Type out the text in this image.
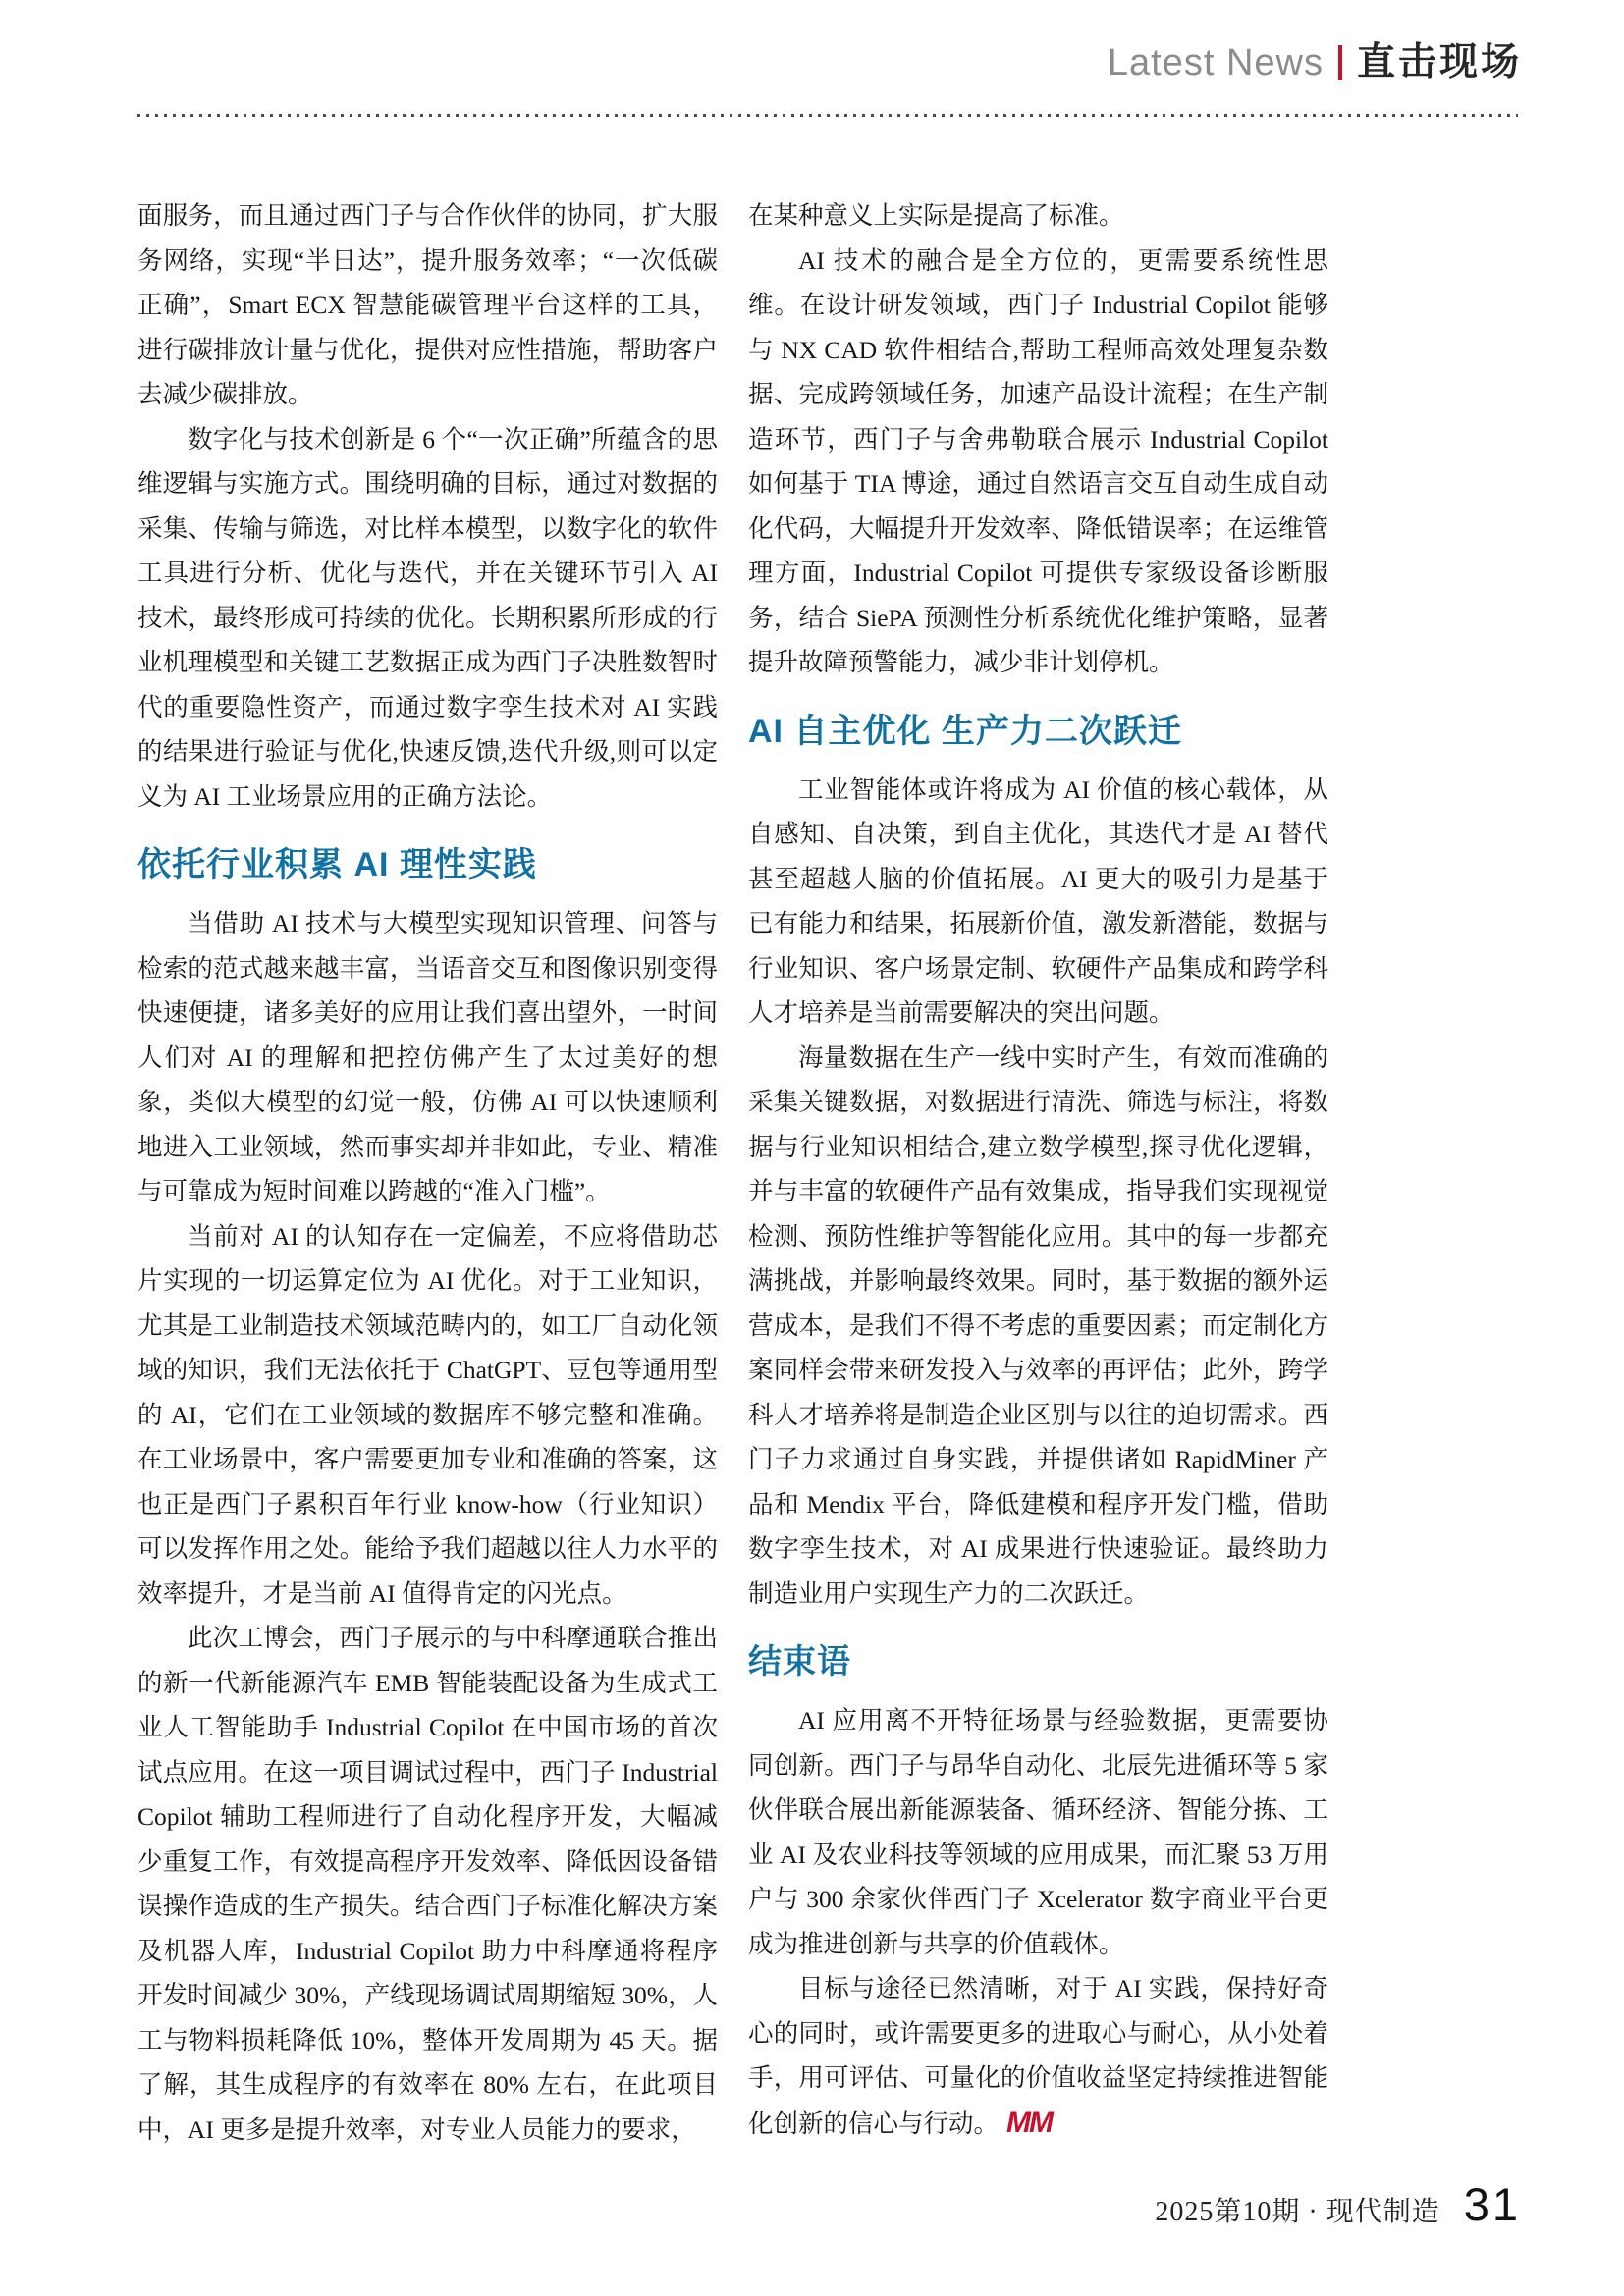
Latest News 直击现场

面服务，而且通过西门子与合作伙伴的协同，扩大服务网络，实现“半日达”，提升服务效率；“一次低碳正确”，Smart ECX 智慧能碳管理平台这样的工具，进行碳排放计量与优化，提供对应性措施，帮助客户去减少碳排放。

数字化与技术创新是 6 个“一次正确”所蕴含的思维逻辑与实施方式。围绕明确的目标，通过对数据的采集、传输与筛选，对比样本模型，以数字化的软件工具进行分析、优化与迭代，并在关键环节引入 AI 技术，最终形成可持续的优化。长期积累所形成的行业机理模型和关键工艺数据正成为西门子决胜数智时代的重要隐性资产，而通过数字孪生技术对 AI 实践的结果进行验证与优化,快速反馈,迭代升级,则可以定义为 AI 工业场景应用的正确方法论。

依托行业积累 AI 理性实践

当借助 AI 技术与大模型实现知识管理、问答与检索的范式越来越丰富，当语音交互和图像识别变得快速便捷，诸多美好的应用让我们喜出望外，一时间人们对 AI 的理解和把控仿佛产生了太过美好的想象，类似大模型的幻觉一般，仿佛 AI 可以快速顺利地进入工业领域，然而事实却并非如此，专业、精准与可靠成为短时间难以跨越的“准入门槛”。

当前对 AI 的认知存在一定偏差，不应将借助芯片实现的一切运算定位为 AI 优化。对于工业知识，尤其是工业制造技术领域范畴内的，如工厂自动化领域的知识，我们无法依托于 ChatGPT、豆包等通用型的 AI，它们在工业领域的数据库不够完整和准确。在工业场景中，客户需要更加专业和准确的答案，这也正是西门子累积百年行业 know-how（行业知识）可以发挥作用之处。能给予我们超越以往人力水平的效率提升，才是当前 AI 值得肯定的闪光点。

此次工博会，西门子展示的与中科摩通联合推出的新一代新能源汽车 EMB 智能装配设备为生成式工业人工智能助手 Industrial Copilot 在中国市场的首次试点应用。在这一项目调试过程中，西门子 Industrial Copilot 辅助工程师进行了自动化程序开发，大幅减少重复工作，有效提高程序开发效率、降低因设备错误操作造成的生产损失。结合西门子标准化解决方案及机器人库，Industrial Copilot 助力中科摩通将程序开发时间减少 30%，产线现场调试周期缩短 30%，人工与物料损耗降低 10%，整体开发周期为 45 天。据了解，其生成程序的有效率在 80% 左右，在此项目中，AI 更多是提升效率，对专业人员能力的要求，

在某种意义上实际是提高了标准。

AI 技术的融合是全方位的，更需要系统性思维。在设计研发领域，西门子 Industrial Copilot 能够与 NX CAD 软件相结合,帮助工程师高效处理复杂数据、完成跨领域任务，加速产品设计流程；在生产制造环节，西门子与舍弗勒联合展示 Industrial Copilot 如何基于 TIA 博途，通过自然语言交互自动生成自动化代码，大幅提升开发效率、降低错误率；在运维管理方面，Industrial Copilot 可提供专家级设备诊断服务，结合 SiePA 预测性分析系统优化维护策略，显著提升故障预警能力，减少非计划停机。

AI 自主优化 生产力二次跃迁

工业智能体或许将成为 AI 价值的核心载体，从自感知、自决策，到自主优化，其迭代才是 AI 替代甚至超越人脑的价值拓展。AI 更大的吸引力是基于已有能力和结果，拓展新价值，激发新潜能，数据与行业知识、客户场景定制、软硬件产品集成和跨学科人才培养是当前需要解决的突出问题。

海量数据在生产一线中实时产生，有效而准确的采集关键数据，对数据进行清洗、筛选与标注，将数据与行业知识相结合,建立数学模型,探寻优化逻辑，并与丰富的软硬件产品有效集成，指导我们实现视觉检测、预防性维护等智能化应用。其中的每一步都充满挑战，并影响最终效果。同时，基于数据的额外运营成本，是我们不得不考虑的重要因素；而定制化方案同样会带来研发投入与效率的再评估；此外，跨学科人才培养将是制造企业区别与以往的迫切需求。西门子力求通过自身实践，并提供诸如 RapidMiner 产品和 Mendix 平台，降低建模和程序开发门槛，借助数字孪生技术，对 AI 成果进行快速验证。最终助力制造业用户实现生产力的二次跃迁。

结束语

AI 应用离不开特征场景与经验数据，更需要协同创新。西门子与昂华自动化、北辰先进循环等 5 家伙伴联合展出新能源装备、循环经济、智能分拣、工业 AI 及农业科技等领域的应用成果，而汇聚 53 万用户与 300 余家伙伴西门子 Xcelerator 数字商业平台更成为推进创新与共享的价值载体。

目标与途径已然清晰，对于 AI 实践，保持好奇心的同时，或许需要更多的进取心与耐心，从小处着手，用可评估、可量化的价值收益坚定持续推进智能化创新的信心与行动。 MM

2025第10期 · 现代制造 31
